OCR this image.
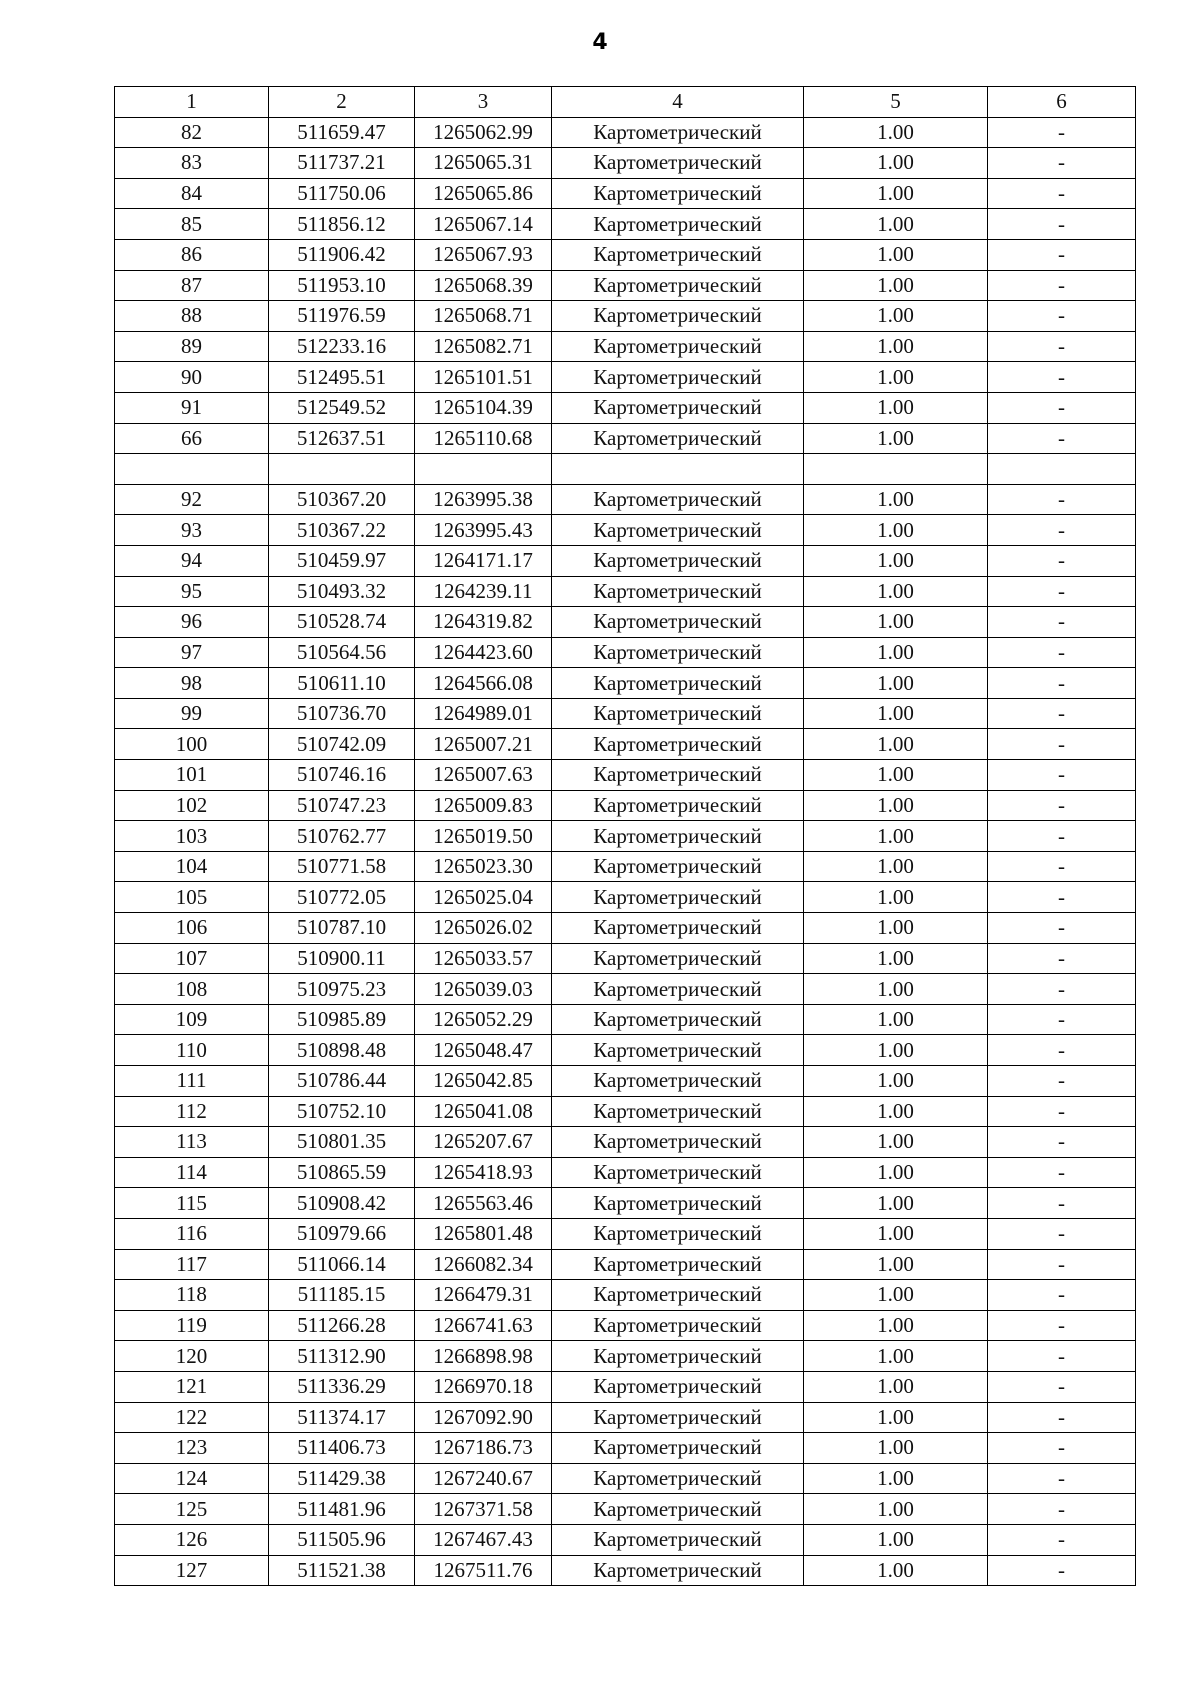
4
1	2	3	4	5	6
82	511659.47	1265062.99	Картометрический	1.00	-
83	511737.21	1265065.31	Картометрический	1.00	-
84	511750.06	1265065.86	Картометрический	1.00	-
85	511856.12	1265067.14	Картометрический	1.00	-
86	511906.42	1265067.93	Картометрический	1.00	-
87	511953.10	1265068.39	Картометрический	1.00	-
88	511976.59	1265068.71	Картометрический	1.00	-
89	512233.16	1265082.71	Картометрический	1.00	-
90	512495.51	1265101.51	Картометрический	1.00	-
91	512549.52	1265104.39	Картометрический	1.00	-
66	512637.51	1265110.68	Картометрический	1.00	-

92	510367.20	1263995.38	Картометрический	1.00	-
93	510367.22	1263995.43	Картометрический	1.00	-
94	510459.97	1264171.17	Картометрический	1.00	-
95	510493.32	1264239.11	Картометрический	1.00	-
96	510528.74	1264319.82	Картометрический	1.00	-
97	510564.56	1264423.60	Картометрический	1.00	-
98	510611.10	1264566.08	Картометрический	1.00	-
99	510736.70	1264989.01	Картометрический	1.00	-
100	510742.09	1265007.21	Картометрический	1.00	-
101	510746.16	1265007.63	Картометрический	1.00	-
102	510747.23	1265009.83	Картометрический	1.00	-
103	510762.77	1265019.50	Картометрический	1.00	-
104	510771.58	1265023.30	Картометрический	1.00	-
105	510772.05	1265025.04	Картометрический	1.00	-
106	510787.10	1265026.02	Картометрический	1.00	-
107	510900.11	1265033.57	Картометрический	1.00	-
108	510975.23	1265039.03	Картометрический	1.00	-
109	510985.89	1265052.29	Картометрический	1.00	-
110	510898.48	1265048.47	Картометрический	1.00	-
111	510786.44	1265042.85	Картометрический	1.00	-
112	510752.10	1265041.08	Картометрический	1.00	-
113	510801.35	1265207.67	Картометрический	1.00	-
114	510865.59	1265418.93	Картометрический	1.00	-
115	510908.42	1265563.46	Картометрический	1.00	-
116	510979.66	1265801.48	Картометрический	1.00	-
117	511066.14	1266082.34	Картометрический	1.00	-
118	511185.15	1266479.31	Картометрический	1.00	-
119	511266.28	1266741.63	Картометрический	1.00	-
120	511312.90	1266898.98	Картометрический	1.00	-
121	511336.29	1266970.18	Картометрический	1.00	-
122	511374.17	1267092.90	Картометрический	1.00	-
123	511406.73	1267186.73	Картометрический	1.00	-
124	511429.38	1267240.67	Картометрический	1.00	-
125	511481.96	1267371.58	Картометрический	1.00	-
126	511505.96	1267467.43	Картометрический	1.00	-
127	511521.38	1267511.76	Картометрический	1.00	-
